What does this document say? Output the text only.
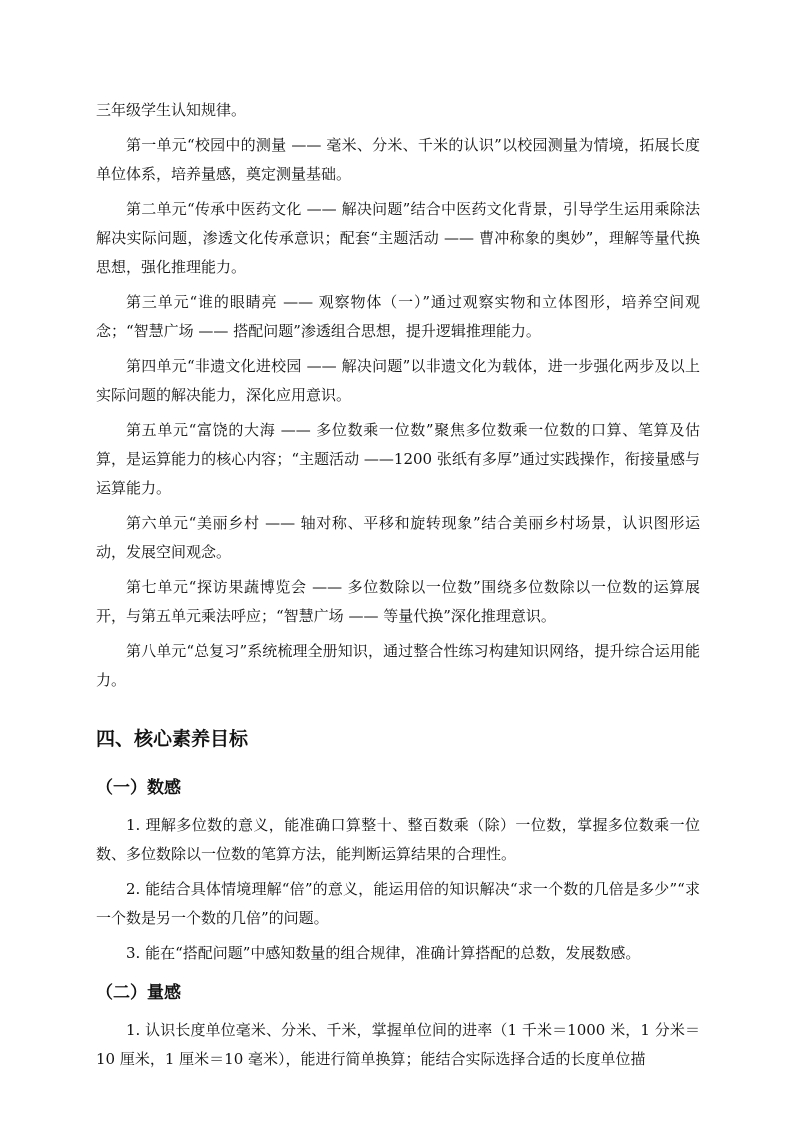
三年级学生认知规律。

第一单元“校园中的测量 —— 毫米、分米、千米的认识”以校园测量为情境，拓展长度单位体系，培养量感，奠定测量基础。

第二单元“传承中医药文化 —— 解决问题”结合中医药文化背景，引导学生运用乘除法解决实际问题，渗透文化传承意识；配套“主题活动 —— 曹冲称象的奥妙”，理解等量代换思想，强化推理能力。

第三单元“谁的眼睛亮 —— 观察物体（一）”通过观察实物和立体图形，培养空间观念；“智慧广场 —— 搭配问题”渗透组合思想，提升逻辑推理能力。

第四单元“非遗文化进校园 —— 解决问题”以非遗文化为载体，进一步强化两步及以上实际问题的解决能力，深化应用意识。

第五单元“富饶的大海 —— 多位数乘一位数”聚焦多位数乘一位数的口算、笔算及估算，是运算能力的核心内容；“主题活动 ——1200 张纸有多厚”通过实践操作，衔接量感与运算能力。

第六单元“美丽乡村 —— 轴对称、平移和旋转现象”结合美丽乡村场景，认识图形运动，发展空间观念。

第七单元“探访果蔬博览会 —— 多位数除以一位数”围绕多位数除以一位数的运算展开，与第五单元乘法呼应；“智慧广场 —— 等量代换”深化推理意识。

第八单元“总复习”系统梳理全册知识，通过整合性练习构建知识网络，提升综合运用能力。

四、核心素养目标
（一）数感

1. 理解多位数的意义，能准确口算整十、整百数乘（除）一位数，掌握多位数乘一位数、多位数除以一位数的笔算方法，能判断运算结果的合理性。

2. 能结合具体情境理解“倍”的意义，能运用倍的知识解决“求一个数的几倍是多少”“求一个数是另一个数的几倍”的问题。

3. 能在“搭配问题”中感知数量的组合规律，准确计算搭配的总数，发展数感。

（二）量感

1. 认识长度单位毫米、分米、千米，掌握单位间的进率（1 千米＝1000 米，1 分米＝10 厘米，1 厘米＝10 毫米），能进行简单换算；能结合实际选择合适的长度单位描
